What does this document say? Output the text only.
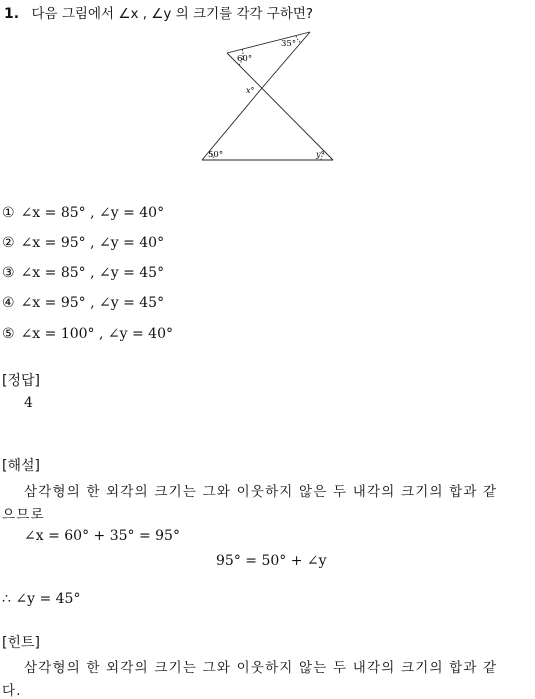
1. 다음 그림에서 ∠x , ∠y 의 크기를 각각 구하면?
60°
35°
x°
50°	y°
① ∠x = 85° , ∠y = 40°
② ∠x = 95° , ∠y = 40°
③ ∠x = 85° , ∠y = 45°
④ ∠x = 95° , ∠y = 45°
⑤ ∠x = 100° , ∠y = 40°
[정답]
4
[해설]
삼각형의 한 외각의 크기는 그와 이웃하지 않은 두 내각의 크기의 합과 같
으므로
∠x = 60° + 35° = 95°
95° = 50° + ∠y
∴ ∠y = 45°
[힌트]
삼각형의 한 외각의 크기는 그와 이웃하지 않는 두 내각의 크기의 합과 같
다.
